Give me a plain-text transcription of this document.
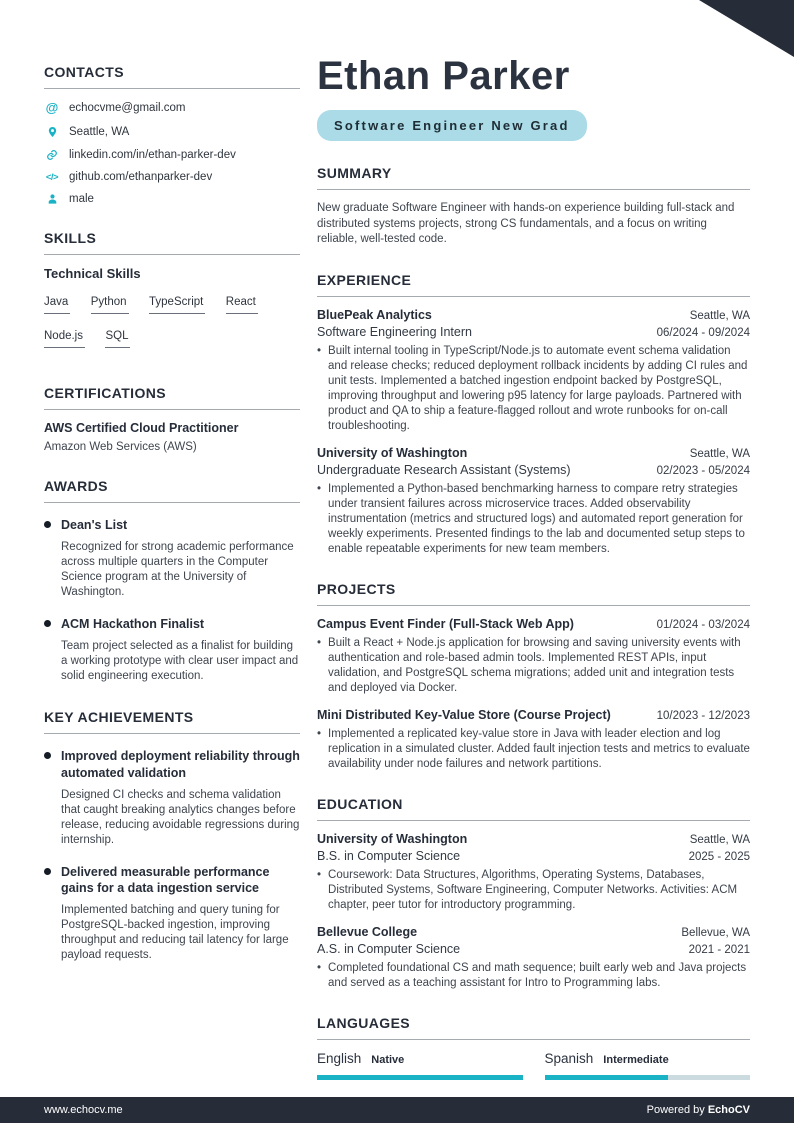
CONTACTS
@ echocvme@gmail.com
Seattle, WA
linkedin.com/in/ethan-parker-dev
</> github.com/ethanparker-dev
male
SKILLS
Technical Skills
Java Python TypeScript React Node.js SQL
CERTIFICATIONS
AWS Certified Cloud Practitioner
Amazon Web Services (AWS)
AWARDS
Dean's List
Recognized for strong academic performance across multiple quarters in the Computer Science program at the University of Washington.
ACM Hackathon Finalist
Team project selected as a finalist for building a working prototype with clear user impact and solid engineering execution.
KEY ACHIEVEMENTS
Improved deployment reliability through automated validation
Designed CI checks and schema validation that caught breaking analytics changes before release, reducing avoidable regressions during internship.
Delivered measurable performance gains for a data ingestion service
Implemented batching and query tuning for PostgreSQL-backed ingestion, improving throughput and reducing tail latency for large payload requests.
Ethan Parker
Software Engineer New Grad
SUMMARY

New graduate Software Engineer with hands-on experience building full-stack and distributed systems projects, strong CS fundamentals, and a focus on writing reliable, well-tested code.

EXPERIENCE
BluePeak Analytics	Seattle, WA
Software Engineering Intern	06/2024 - 09/2024
• Built internal tooling in TypeScript/Node.js to automate event schema validation and release checks; reduced deployment rollback incidents by adding CI rules and unit tests. Implemented a batched ingestion endpoint backed by PostgreSQL, improving throughput and lowering p95 latency for large payloads. Partnered with product and QA to ship a feature-flagged rollout and wrote runbooks for on-call troubleshooting.
University of Washington	Seattle, WA
Undergraduate Research Assistant (Systems)	02/2023 - 05/2024
• Implemented a Python-based benchmarking harness to compare retry strategies under transient failures across microservice traces. Added observability instrumentation (metrics and structured logs) and automated report generation for weekly experiments. Presented findings to the lab and documented setup steps to enable repeatable experiments for new team members.
PROJECTS
Campus Event Finder (Full-Stack Web App)	01/2024 - 03/2024
• Built a React + Node.js application for browsing and saving university events with authentication and role-based admin tools. Implemented REST APIs, input validation, and PostgreSQL schema migrations; added unit and integration tests and deployed via Docker.
Mini Distributed Key-Value Store (Course Project)	10/2023 - 12/2023
• Implemented a replicated key-value store in Java with leader election and log replication in a simulated cluster. Added fault injection tests and metrics to evaluate availability under node failures and network partitions.
EDUCATION
University of Washington	Seattle, WA
B.S. in Computer Science	2025 - 2025
• Coursework: Data Structures, Algorithms, Operating Systems, Databases, Distributed Systems, Software Engineering, Computer Networks. Activities: ACM chapter, peer tutor for introductory programming.
Bellevue College	Bellevue, WA
A.S. in Computer Science	2021 - 2021
• Completed foundational CS and math sequence; built early web and Java projects and served as a teaching assistant for Intro to Programming labs.
LANGUAGES
English Native	Spanish Intermediate
www.echocv.me	Powered by EchoCV
